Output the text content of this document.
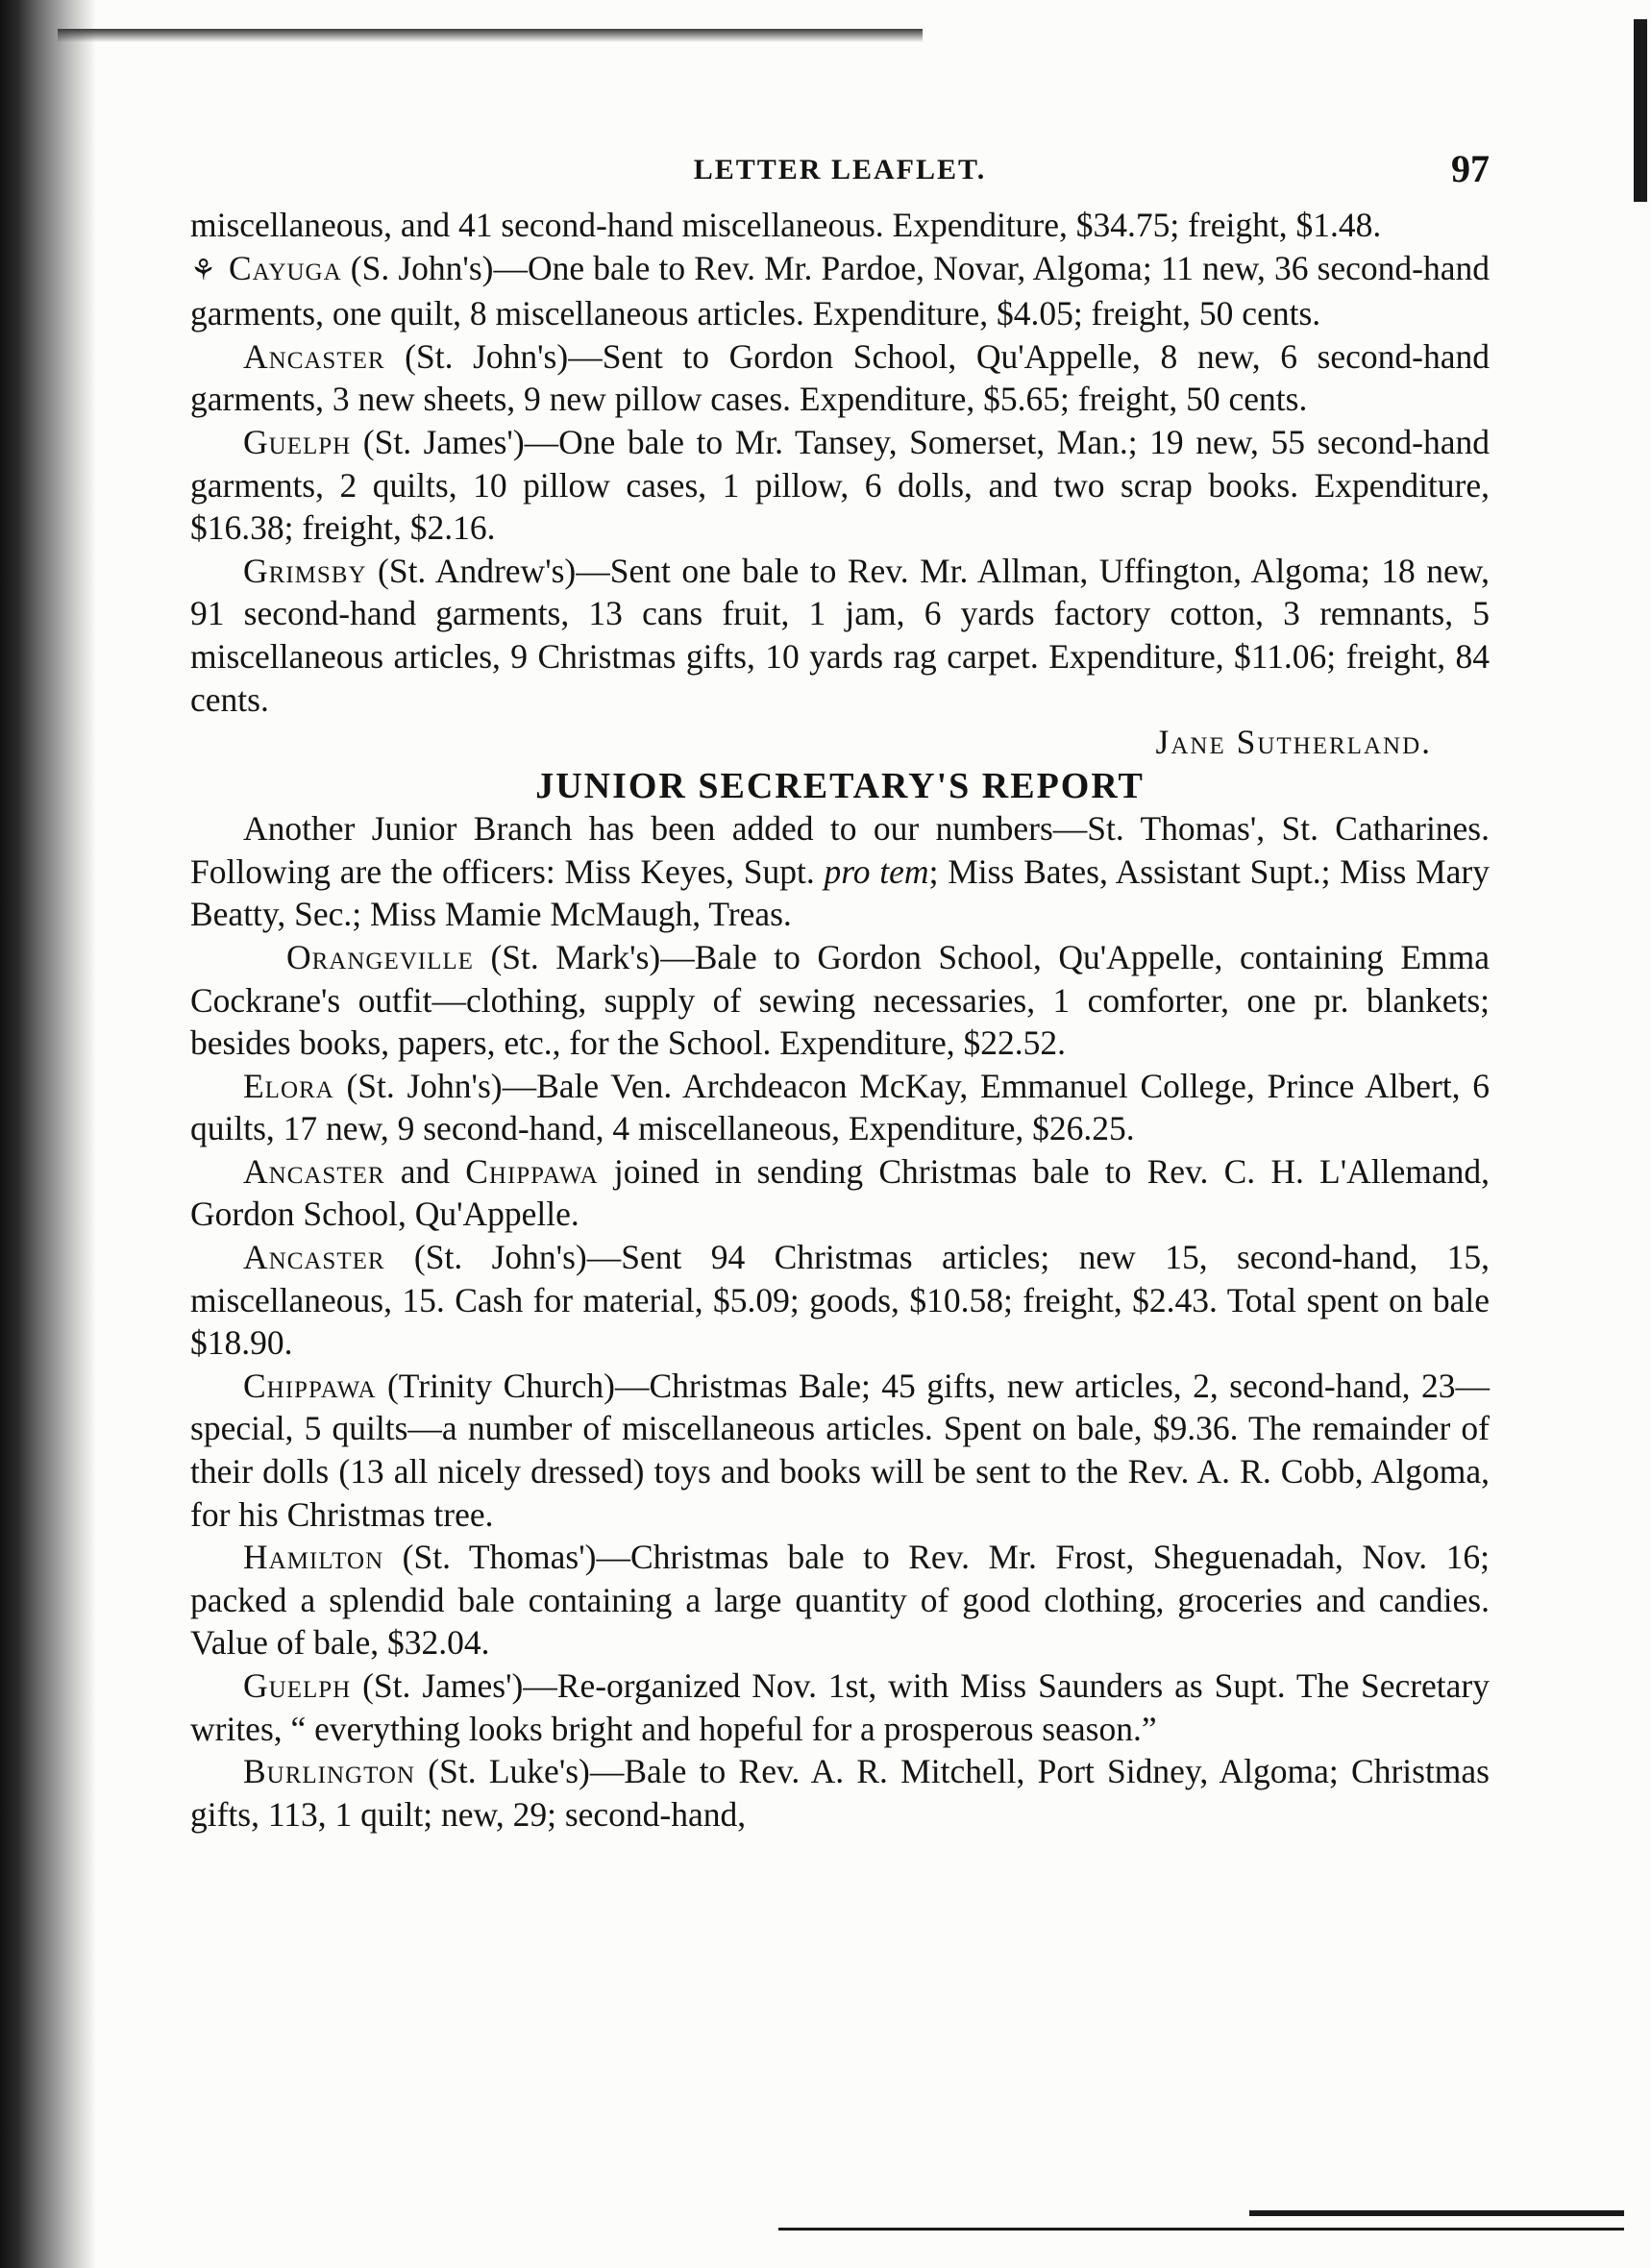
LETTER LEAFLET.	97

miscellaneous, and 41 second-hand miscellaneous. Expenditure, $34.75; freight, $1.48.

⚘ Cayuga (S. John's)—One bale to Rev. Mr. Pardoe, Novar, Algoma; 11 new, 36 second-hand garments, one quilt, 8 miscellaneous articles. Expenditure, $4.05; freight, 50 cents.

Ancaster (St. John's)—Sent to Gordon School, Qu'Appelle, 8 new, 6 second-hand garments, 3 new sheets, 9 new pillow cases. Expenditure, $5.65; freight, 50 cents.

Guelph (St. James')—One bale to Mr. Tansey, Somerset, Man.; 19 new, 55 second-hand garments, 2 quilts, 10 pillow cases, 1 pillow, 6 dolls, and two scrap books. Expenditure, $16.38; freight, $2.16.

Grimsby (St. Andrew's)—Sent one bale to Rev. Mr. Allman, Uffington, Algoma; 18 new, 91 second-hand garments, 13 cans fruit, 1 jam, 6 yards factory cotton, 3 remnants, 5 miscellaneous articles, 9 Christmas gifts, 10 yards rag carpet. Expenditure, $11.06; freight, 84 cents.

Jane Sutherland.

JUNIOR SECRETARY'S REPORT

Another Junior Branch has been added to our numbers—St. Thomas', St. Catharines. Following are the officers: Miss Keyes, Supt. pro tem; Miss Bates, Assistant Supt.; Miss Mary Beatty, Sec.; Miss Mamie McMaugh, Treas.

Orangeville (St. Mark's)—Bale to Gordon School, Qu'Appelle, containing Emma Cockrane's outfit—clothing, supply of sewing necessaries, 1 comforter, one pr. blankets; besides books, papers, etc., for the School. Expenditure, $22.52.

Elora (St. John's)—Bale Ven. Archdeacon McKay, Emmanuel College, Prince Albert, 6 quilts, 17 new, 9 second-hand, 4 miscellaneous, Expenditure, $26.25.

Ancaster and Chippawa joined in sending Christmas bale to Rev. C. H. L'Allemand, Gordon School, Qu'Appelle.

Ancaster (St. John's)—Sent 94 Christmas articles; new 15, second-hand, 15, miscellaneous, 15. Cash for material, $5.09; goods, $10.58; freight, $2.43. Total spent on bale $18.90.

Chippawa (Trinity Church)—Christmas Bale; 45 gifts, new articles, 2, second-hand, 23—special, 5 quilts—a number of miscellaneous articles. Spent on bale, $9.36. The remainder of their dolls (13 all nicely dressed) toys and books will be sent to the Rev. A. R. Cobb, Algoma, for his Christmas tree.

Hamilton (St. Thomas')—Christmas bale to Rev. Mr. Frost, Sheguenadah, Nov. 16; packed a splendid bale containing a large quantity of good clothing, groceries and candies. Value of bale, $32.04.

Guelph (St. James')—Re-organized Nov. 1st, with Miss Saunders as Supt. The Secretary writes, “ everything looks bright and hopeful for a prosperous season.”

Burlington (St. Luke's)—Bale to Rev. A. R. Mitchell, Port Sidney, Algoma; Christmas gifts, 113, 1 quilt; new, 29; second-hand,
